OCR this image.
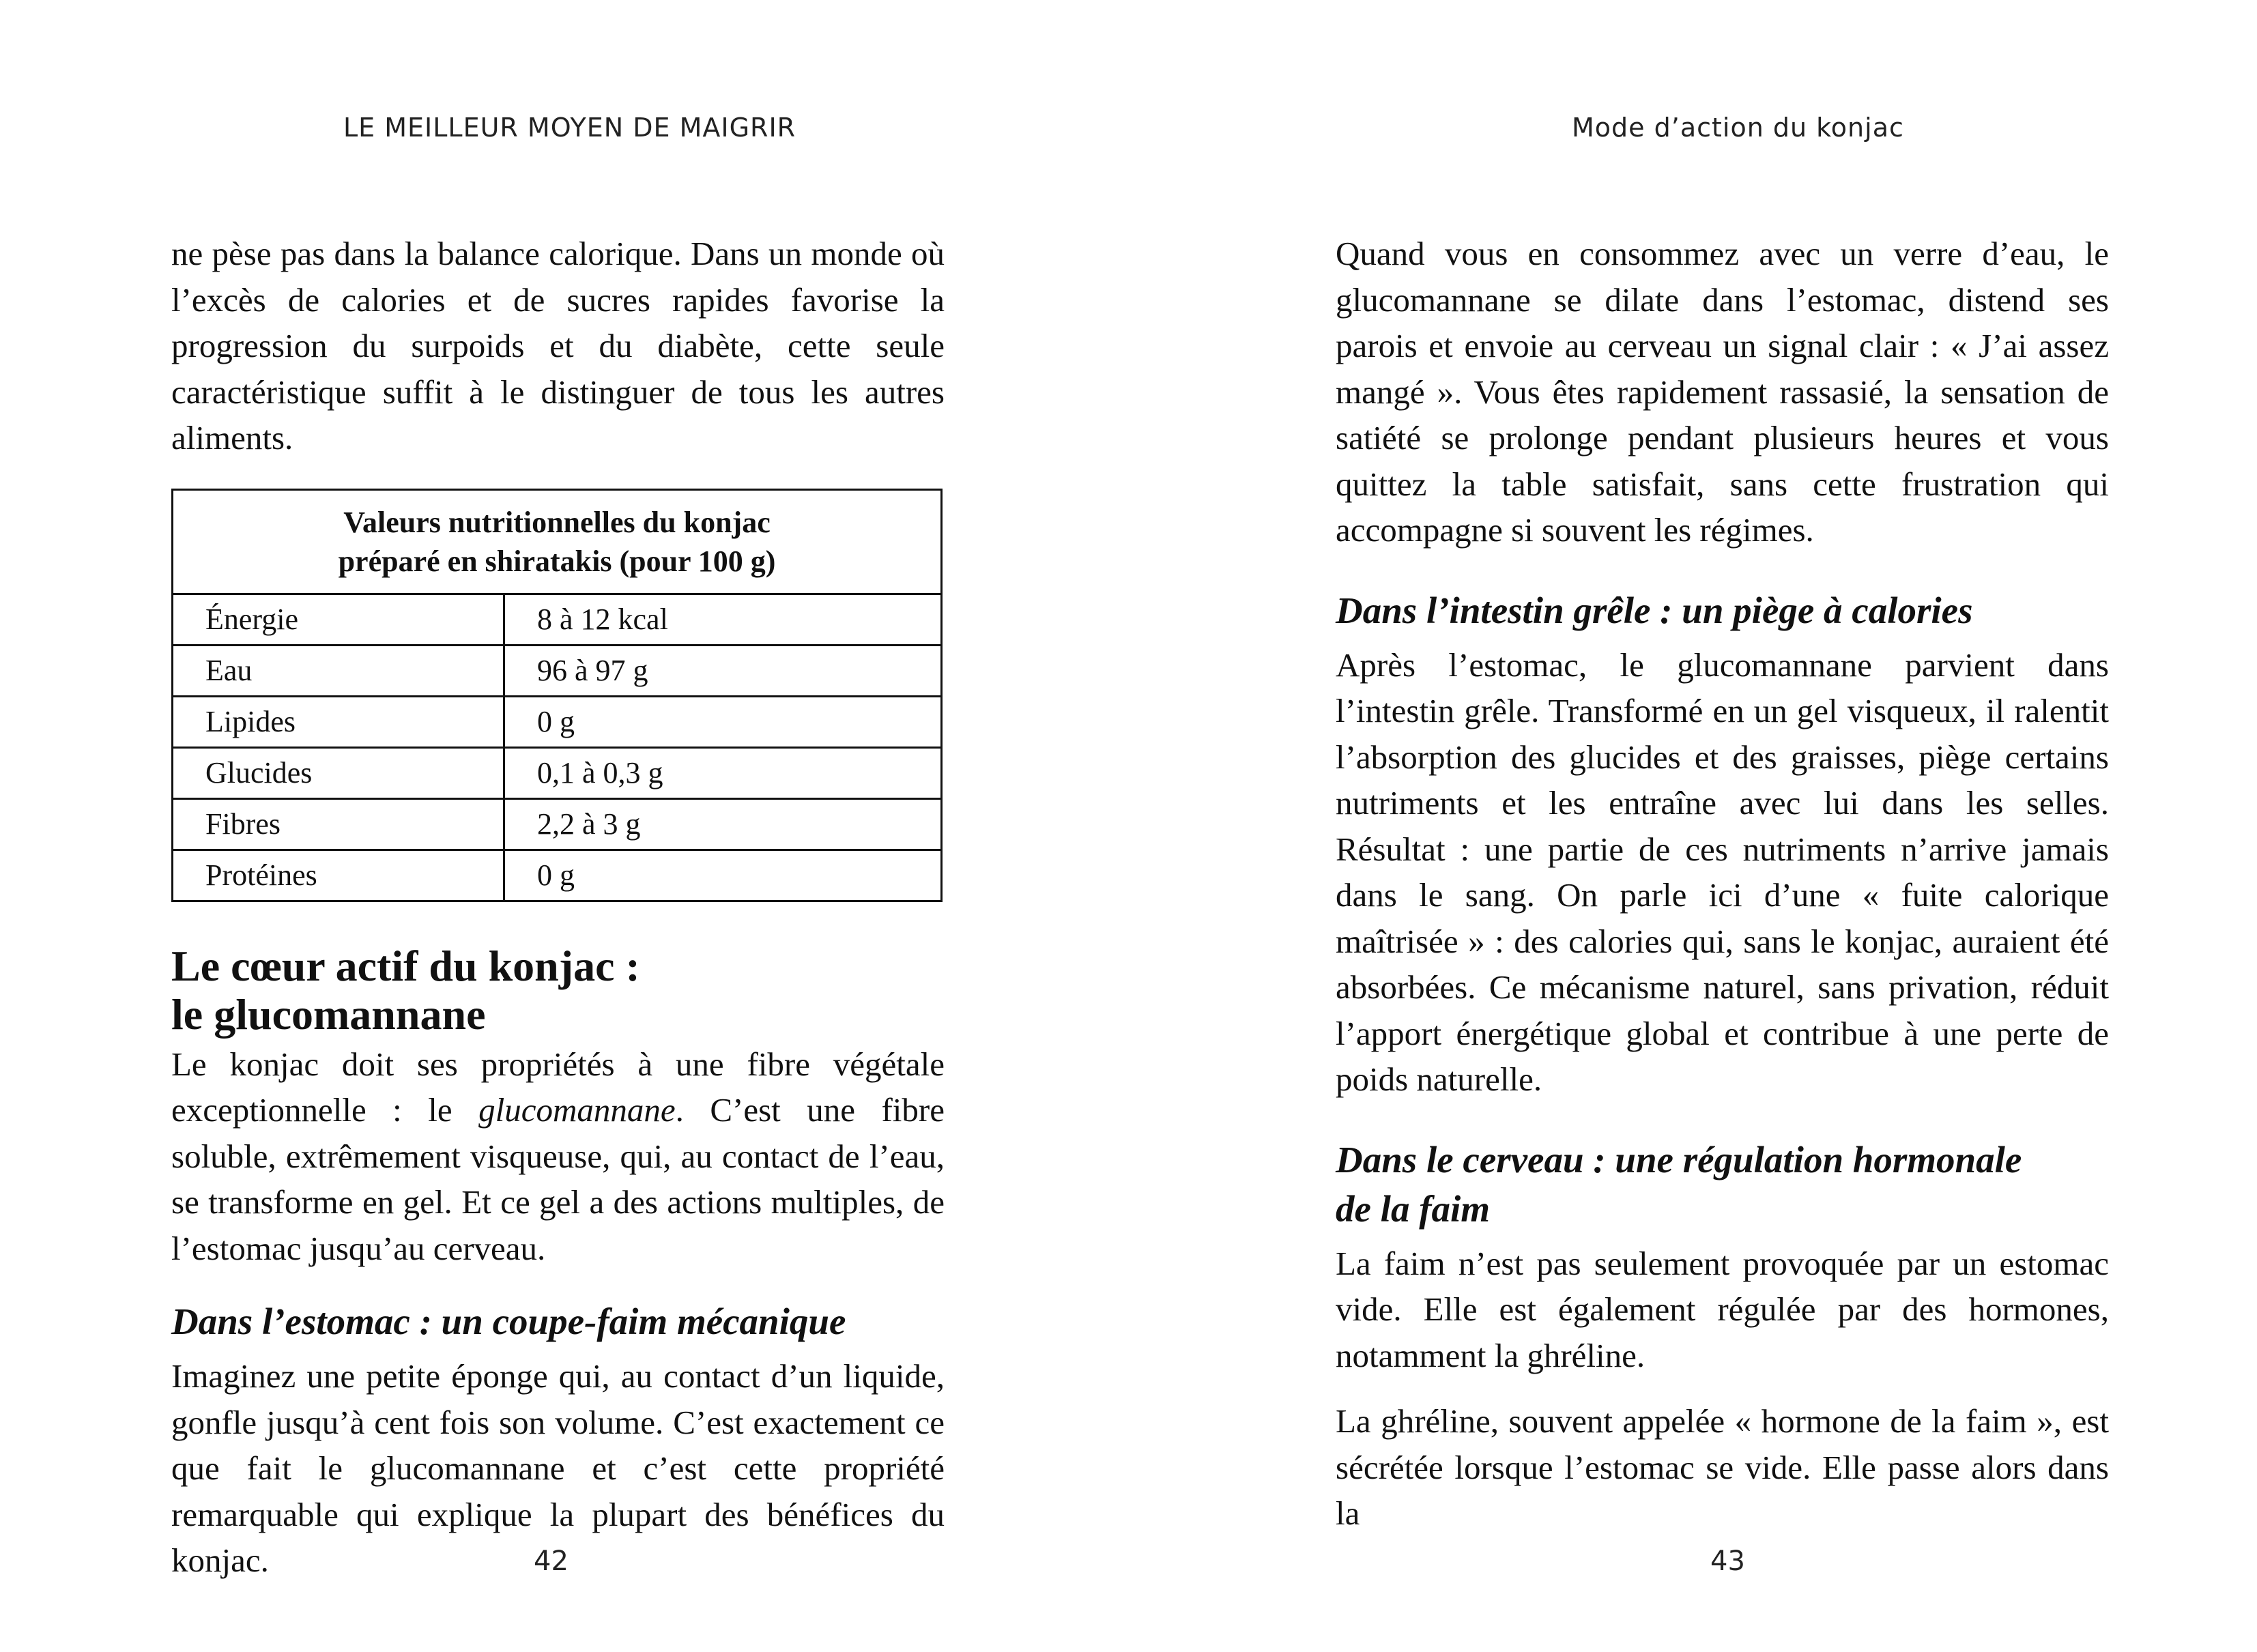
LE MEILLEUR MOYEN DE MAIGRIR

ne pèse pas dans la balance calorique. Dans un monde où l’excès de calories et de sucres rapides favorise la progression du surpoids et du diabète, cette seule caractéristique suffit à le distinguer de tous les autres aliments.

Valeurs nutritionnelles du konjac
préparé en shiratakis (pour 100 g)	
Énergie	8 à 12 kcal
Eau	96 à 97 g
Lipides	0 g
Glucides	0,1 à 0,3 g
Fibres	2,2 à 3 g
Protéines	0 g
Le cœur actif du konjac :
le glucomannane

Le konjac doit ses propriétés à une fibre végétale exceptionnelle : le glucomannane. C’est une fibre soluble, extrêmement visqueuse, qui, au contact de l’eau, se transforme en gel. Et ce gel a des actions multiples, de l’estomac jusqu’au cerveau.

Dans l’estomac : un coupe-faim mécanique

Imaginez une petite éponge qui, au contact d’un liquide, gonfle jusqu’à cent fois son volume. C’est exactement ce que fait le glucomannane et c’est cette propriété remarquable qui explique la plupart des bénéfices du konjac.	42
Mode d’action du konjac

Quand vous en consommez avec un verre d’eau, le glucomannane se dilate dans l’estomac, distend ses parois et envoie au cerveau un signal clair : « J’ai assez mangé ». Vous êtes rapidement rassasié, la sensation de satiété se prolonge pendant plusieurs heures et vous quittez la table satisfait, sans cette frustration qui accompagne si souvent les régimes.

Dans l’intestin grêle : un piège à calories

Après l’estomac, le glucomannane parvient dans l’intestin grêle. Transformé en un gel visqueux, il ralentit l’absorption des glucides et des graisses, piège certains nutriments et les entraîne avec lui dans les selles. Résultat : une partie de ces nutriments n’arrive jamais dans le sang. On parle ici d’une « fuite calorique maîtrisée » : des calories qui, sans le konjac, auraient été absorbées. Ce mécanisme naturel, sans privation, réduit l’apport énergétique global et contribue à une perte de poids naturelle.

Dans le cerveau : une régulation hormonale
de la faim

La faim n’est pas seulement provoquée par un estomac vide. Elle est également régulée par des hormones, notamment la ghréline.

La ghréline, souvent appelée « hormone de la faim », est sécrétée lorsque l’estomac se vide. Elle passe alors dans la

43
